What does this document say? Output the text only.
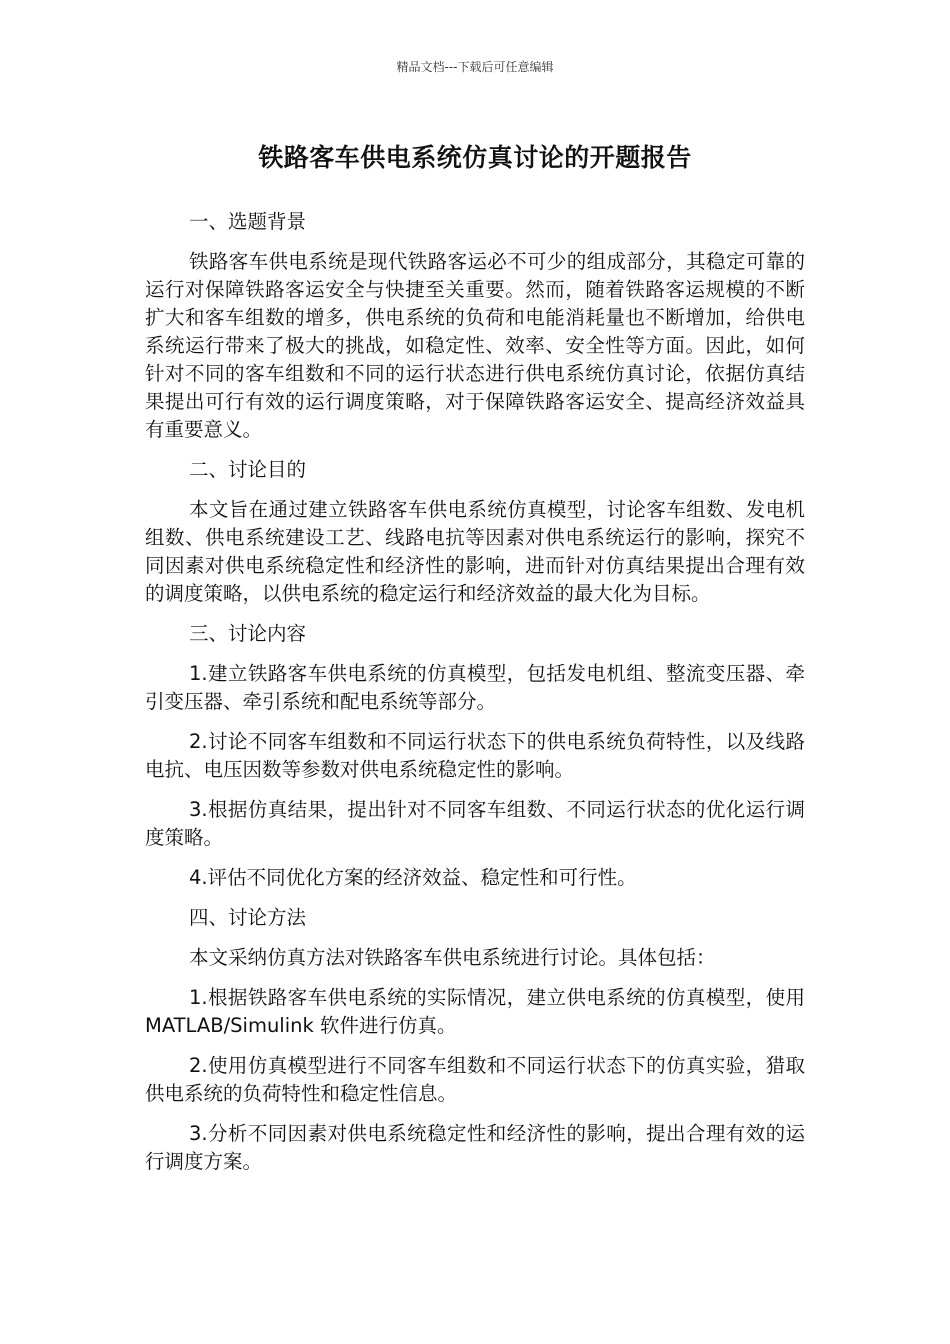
精品文档---下载后可任意编辑
铁路客车供电系统仿真讨论的开题报告

一、选题背景

铁路客车供电系统是现代铁路客运必不可少的组成部分，其稳定可靠的运行对保障铁路客运安全与快捷至关重要。然而，随着铁路客运规模的不断扩大和客车组数的增多，供电系统的负荷和电能消耗量也不断增加，给供电系统运行带来了极大的挑战，如稳定性、效率、安全性等方面。因此，如何针对不同的客车组数和不同的运行状态进行供电系统仿真讨论，依据仿真结果提出可行有效的运行调度策略，对于保障铁路客运安全、提高经济效益具有重要意义。

二、讨论目的

本文旨在通过建立铁路客车供电系统仿真模型，讨论客车组数、发电机组数、供电系统建设工艺、线路电抗等因素对供电系统运行的影响，探究不同因素对供电系统稳定性和经济性的影响，进而针对仿真结果提出合理有效的调度策略，以供电系统的稳定运行和经济效益的最大化为目标。

三、讨论内容

1.建立铁路客车供电系统的仿真模型，包括发电机组、整流变压器、牵引变压器、牵引系统和配电系统等部分。

2.讨论不同客车组数和不同运行状态下的供电系统负荷特性，以及线路电抗、电压因数等参数对供电系统稳定性的影响。

3.根据仿真结果，提出针对不同客车组数、不同运行状态的优化运行调度策略。

4.评估不同优化方案的经济效益、稳定性和可行性。

四、讨论方法

本文采纳仿真方法对铁路客车供电系统进行讨论。具体包括：

1.根据铁路客车供电系统的实际情况，建立供电系统的仿真模型，使用 MATLAB/Simulink 软件进行仿真。

2.使用仿真模型进行不同客车组数和不同运行状态下的仿真实验，猎取供电系统的负荷特性和稳定性信息。

3.分析不同因素对供电系统稳定性和经济性的影响，提出合理有效的运行调度方案。
